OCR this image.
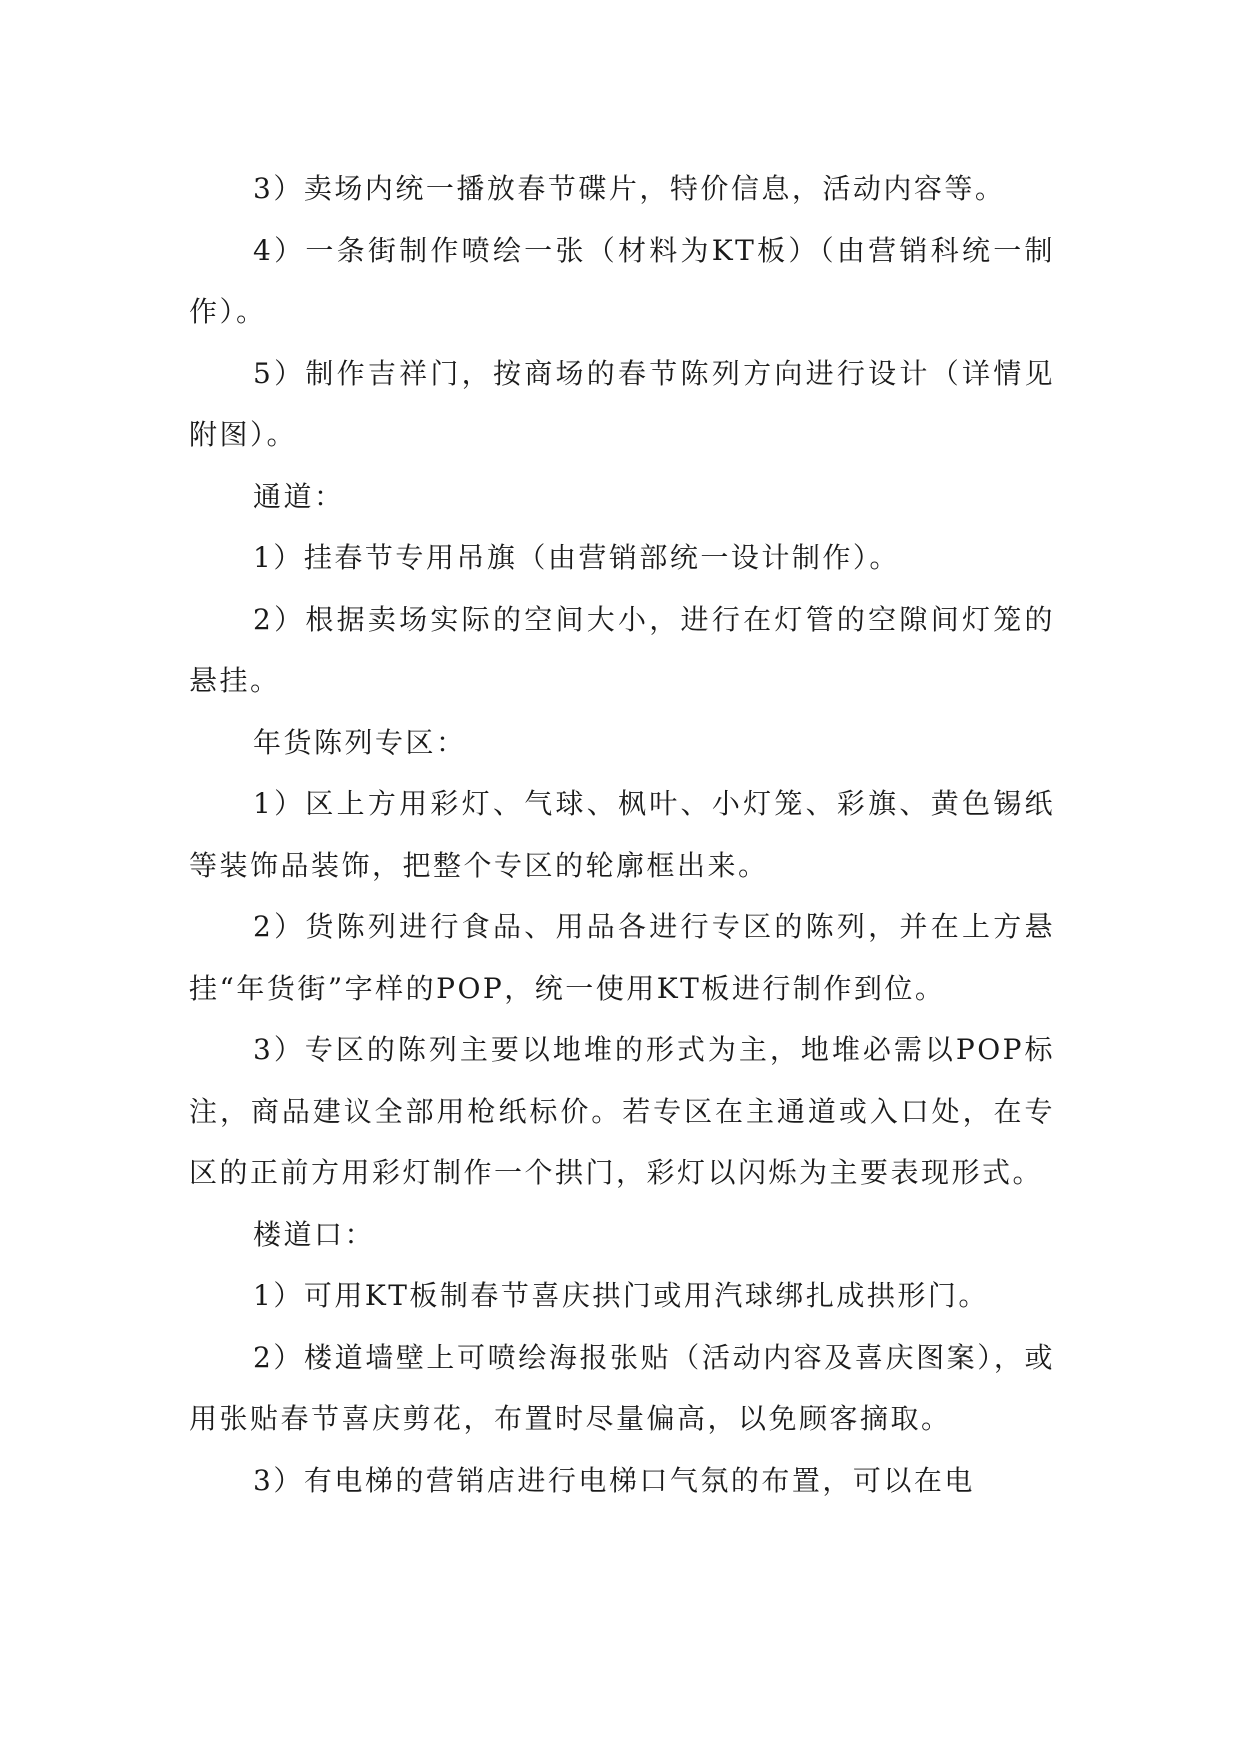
3）卖场内统一播放春节碟片，特价信息，活动内容等。

4）一条街制作喷绘一张（材料为KT板）（由营销科统一制作）。

5）制作吉祥门，按商场的春节陈列方向进行设计（详情见附图）。

通道：

1）挂春节专用吊旗（由营销部统一设计制作）。

2）根据卖场实际的空间大小，进行在灯管的空隙间灯笼的悬挂。

年货陈列专区：

1）区上方用彩灯、气球、枫叶、小灯笼、彩旗、黄色锡纸等装饰品装饰，把整个专区的轮廓框出来。

2）货陈列进行食品、用品各进行专区的陈列，并在上方悬挂“年货街”字样的POP，统一使用KT板进行制作到位。

3）专区的陈列主要以地堆的形式为主，地堆必需以POP标注，商品建议全部用枪纸标价。若专区在主通道或入口处，在专区的正前方用彩灯制作一个拱门，彩灯以闪烁为主要表现形式。

楼道口：

1）可用KT板制春节喜庆拱门或用汽球绑扎成拱形门。

2）楼道墙壁上可喷绘海报张贴（活动内容及喜庆图案），或用张贴春节喜庆剪花，布置时尽量偏高，以免顾客摘取。

3）有电梯的营销店进行电梯口气氛的布置，可以在电
